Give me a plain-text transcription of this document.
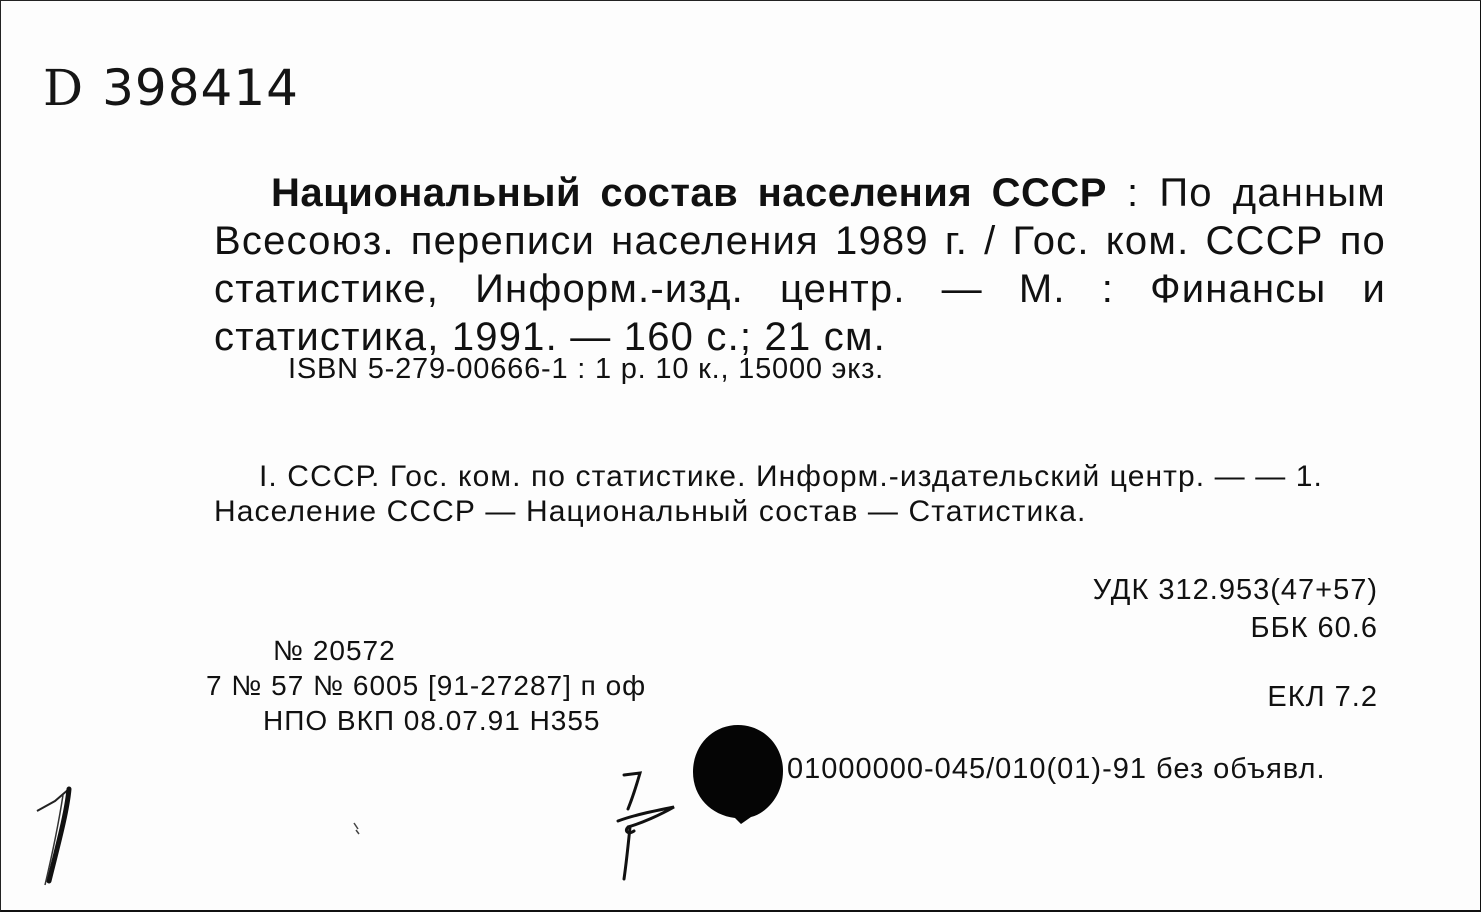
D 398414
Национальный состав населения СССР : По данным Всесоюз. переписи населения 1989 г. / Гос. ком. СССР по статистике, Информ.-изд. центр. — М. : Финансы и статистика, 1991. — 160 с.; 21 см.
ISBN 5-279-00666-1 : 1 р. 10 к., 15000 экз.
I. СССР. Гос. ком. по статистике. Информ.-издательский центр. — — 1. Население СССР — Национальный состав — Статистика.
УДК 312.953(47+57)
ББК 60.6
ЕКЛ 7.2
№ 20572
7 № 57 № 6005 [91-27287] п оф
НПО ВКП 08.07.91 Н355
01000000-045/010(01)-91 без объявл.
